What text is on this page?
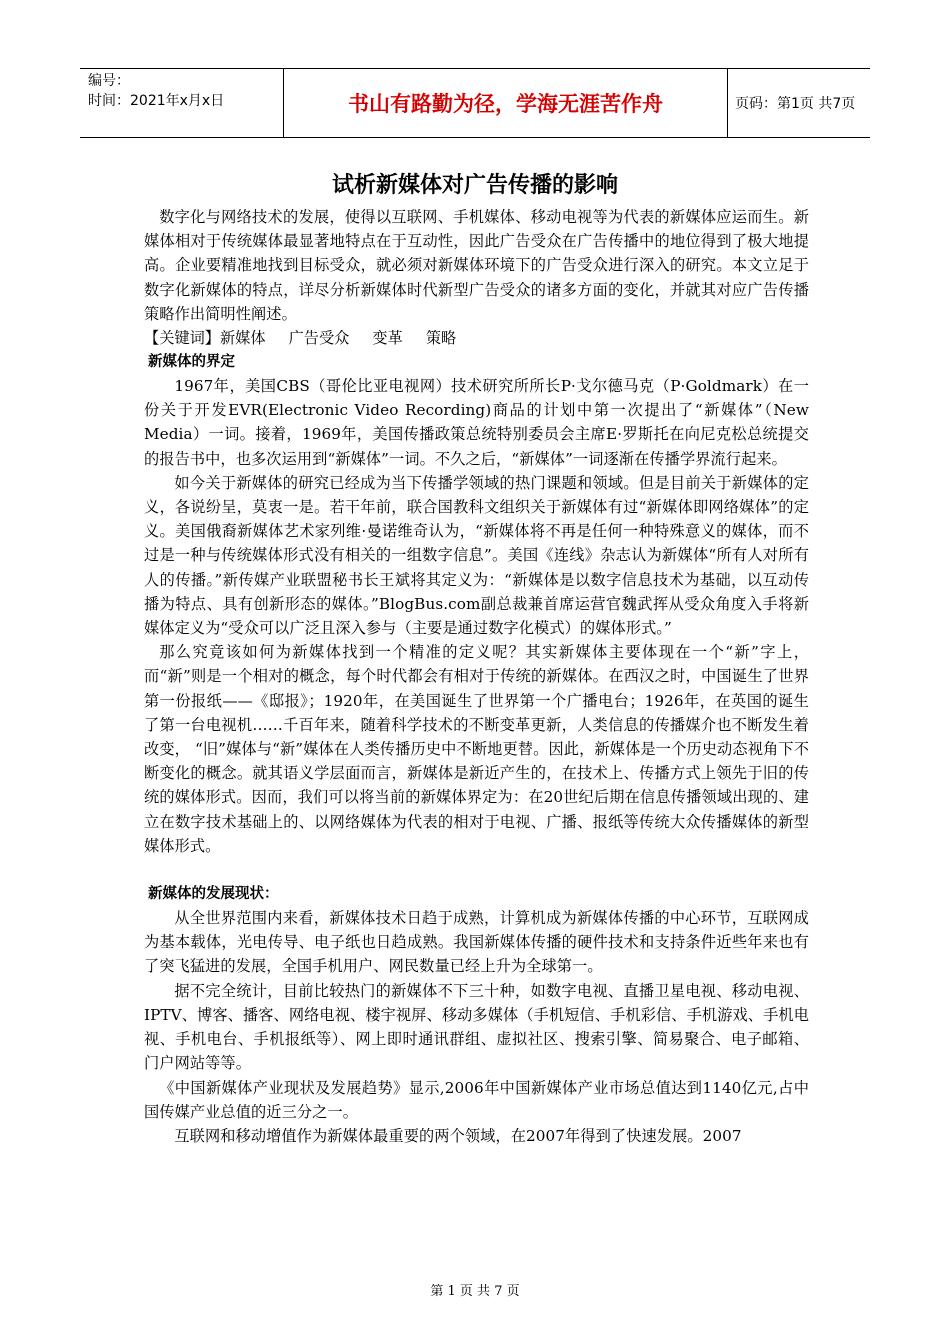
编号：
时间：2021年x月x日	书山有路勤为径，学海无涯苦作舟	页码：第1页 共7页
试析新媒体对广告传播的影响

数字化与网络技术的发展，使得以互联网、手机媒体、移动电视等为代表的新媒体应运而生。新媒体相对于传统媒体最显著地特点在于互动性，因此广告受众在广告传播中的地位得到了极大地提高。企业要精准地找到目标受众，就必须对新媒体环境下的广告受众进行深入的研究。本文立足于数字化新媒体的特点，详尽分析新媒体时代新型广告受众的诸多方面的变化，并就其对应广告传播策略作出简明性阐述。

【关键词】新媒体 广告受众 变革 策略

新媒体的界定

1967年，美国CBS（哥伦比亚电视网）技术研究所所长P·戈尔德马克（P·Goldmark）在一份关于开发EVR(Electronic Video Recording)商品的计划中第一次提出了“新媒体”（New Media）一词。接着，1969年，美国传播政策总统特别委员会主席E·罗斯托在向尼克松总统提交的报告书中，也多次运用到“新媒体”一词。不久之后，“新媒体”一词逐渐在传播学界流行起来。

如今关于新媒体的研究已经成为当下传播学领域的热门课题和领域。但是目前关于新媒体的定义，各说纷呈，莫衷一是。若干年前，联合国教科文组织关于新媒体有过“新媒体即网络媒体”的定义。美国俄裔新媒体艺术家列维·曼诺维奇认为，“新媒体将不再是任何一种特殊意义的媒体，而不过是一种与传统媒体形式没有相关的一组数字信息”。美国《连线》杂志认为新媒体“所有人对所有人的传播。”新传媒产业联盟秘书长王斌将其定义为：“新媒体是以数字信息技术为基础，以互动传播为特点、具有创新形态的媒体。”BlogBus.com副总裁兼首席运营官魏武挥从受众角度入手将新媒体定义为“受众可以广泛且深入参与（主要是通过数字化模式）的媒体形式。”

那么究竟该如何为新媒体找到一个精准的定义呢？其实新媒体主要体现在一个“新”字上，而“新”则是一个相对的概念，每个时代都会有相对于传统的新媒体。在西汉之时，中国诞生了世界第一份报纸——《邸报》；1920年，在美国诞生了世界第一个广播电台；1926年，在英国的诞生了第一台电视机……千百年来，随着科学技术的不断变革更新，人类信息的传播媒介也不断发生着改变， “旧”媒体与“新”媒体在人类传播历史中不断地更替。因此，新媒体是一个历史动态视角下不断变化的概念。就其语义学层面而言，新媒体是新近产生的，在技术上、传播方式上领先于旧的传统的媒体形式。因而，我们可以将当前的新媒体界定为：在20世纪后期在信息传播领域出现的、建立在数字技术基础上的、以网络媒体为代表的相对于电视、广播、报纸等传统大众传播媒体的新型媒体形式。

新媒体的发展现状：

从全世界范围内来看，新媒体技术日趋于成熟，计算机成为新媒体传播的中心环节，互联网成为基本载体，光电传导、电子纸也日趋成熟。我国新媒体传播的硬件技术和支持条件近些年来也有了突飞猛进的发展，全国手机用户、网民数量已经上升为全球第一。

据不完全统计，目前比较热门的新媒体不下三十种，如数字电视、直播卫星电视、移动电视、IPTV、博客、播客、网络电视、楼宇视屏、移动多媒体（手机短信、手机彩信、手机游戏、手机电视、手机电台、手机报纸等）、网上即时通讯群组、虚拟社区、搜索引擎、简易聚合、电子邮箱、门户网站等等。

《中国新媒体产业现状及发展趋势》显示,2006年中国新媒体产业市场总值达到1140亿元,占中国传媒产业总值的近三分之一。

互联网和移动增值作为新媒体最重要的两个领域，在2007年得到了快速发展。2007

第 1 页 共 7 页
